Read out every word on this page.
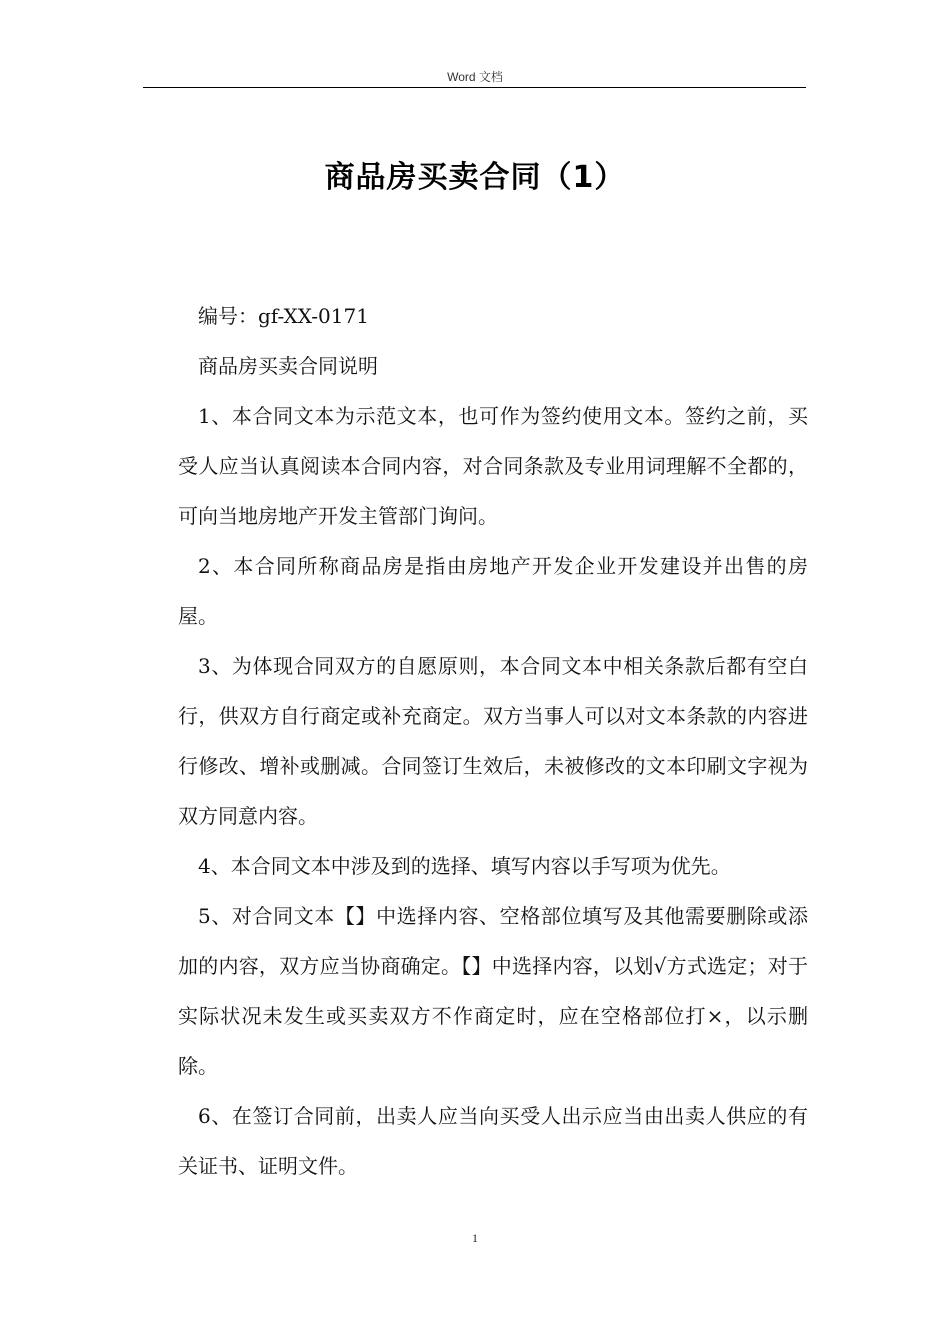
Word 文档
商品房买卖合同（1）

编号：gf-XX-0171

商品房买卖合同说明

1、本合同文本为示范文本，也可作为签约使用文本。签约之前，买受人应当认真阅读本合同内容，对合同条款及专业用词理解不全都的，可向当地房地产开发主管部门询问。

2、本合同所称商品房是指由房地产开发企业开发建设并出售的房屋。

3、为体现合同双方的自愿原则，本合同文本中相关条款后都有空白行，供双方自行商定或补充商定。双方当事人可以对文本条款的内容进行修改、增补或删减。合同签订生效后，未被修改的文本印刷文字视为双方同意内容。

4、本合同文本中涉及到的选择、填写内容以手写项为优先。

5、对合同文本【】中选择内容、空格部位填写及其他需要删除或添加的内容，双方应当协商确定。【】中选择内容，以划√方式选定；对于实际状况未发生或买卖双方不作商定时，应在空格部位打×，以示删除。

6、在签订合同前，出卖人应当向买受人出示应当由出卖人供应的有关证书、证明文件。

1
